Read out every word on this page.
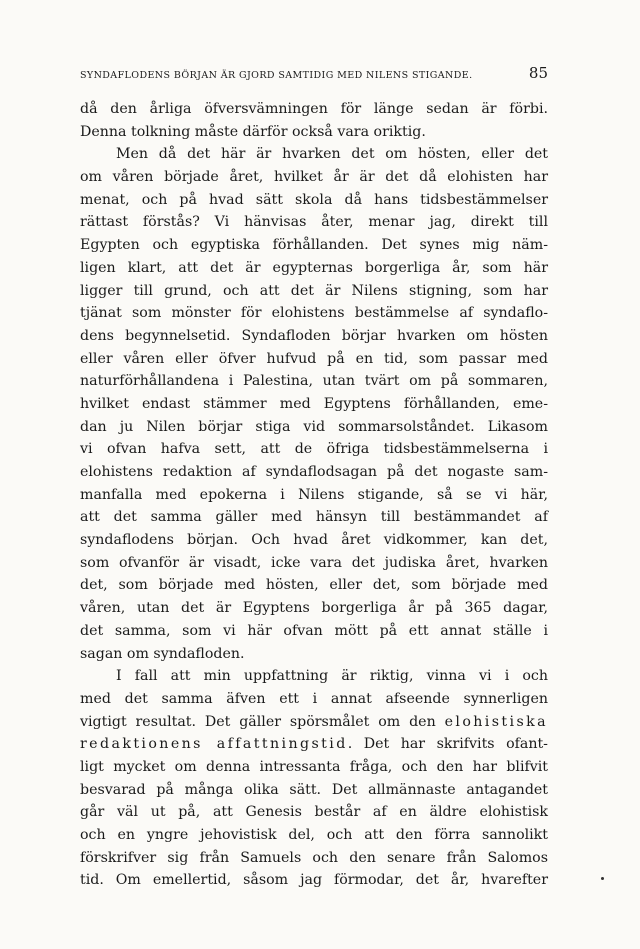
SYNDAFLODENS BÖRJAN ÄR GJORD SAMTIDIG MED NILENS STIGANDE.	85
då den årliga öfversvämningen för länge sedan är förbi.
Denna tolkning måste därför också vara oriktig.
Men då det här är hvarken det om hösten, eller det
om våren började året, hvilket år är det då elohisten har
menat, och på hvad sätt skola då hans tidsbestämmelser
rättast förstås? Vi hänvisas åter, menar jag, direkt till
Egypten och egyptiska förhållanden. Det synes mig näm-
ligen klart, att det är egypternas borgerliga år, som här
ligger till grund, och att det är Nilens stigning, som har
tjänat som mönster för elohistens bestämmelse af syndaflo-
dens begynnelsetid. Syndafloden börjar hvarken om hösten
eller våren eller öfver hufvud på en tid, som passar med
naturförhållandena i Palestina, utan tvärt om på sommaren,
hvilket endast stämmer med Egyptens förhållanden, eme-
dan ju Nilen börjar stiga vid sommarsolståndet. Likasom
vi ofvan hafva sett, att de öfriga tidsbestämmelserna i
elohistens redaktion af syndaflodsagan på det nogaste sam-
manfalla med epokerna i Nilens stigande, så se vi här,
att det samma gäller med hänsyn till bestämmandet af
syndaflodens början. Och hvad året vidkommer, kan det,
som ofvanför är visadt, icke vara det judiska året, hvarken
det, som började med hösten, eller det, som började med
våren, utan det är Egyptens borgerliga år på 365 dagar,
det samma, som vi här ofvan mött på ett annat ställe i
sagan om syndafloden.
I fall att min uppfattning är riktig, vinna vi i och
med det samma äfven ett i annat afseende synnerligen
vigtigt resultat. Det gäller spörsmålet om den elohistiska
redaktionens affattningstid. Det har skrifvits ofant-
ligt mycket om denna intressanta fråga, och den har blifvit
besvarad på många olika sätt. Det allmännaste antagandet
går väl ut på, att Genesis består af en äldre elohistisk
och en yngre jehovistisk del, och att den förra sannolikt
förskrifver sig från Samuels och den senare från Salomos
tid. Om emellertid, såsom jag förmodar, det år, hvarefter
